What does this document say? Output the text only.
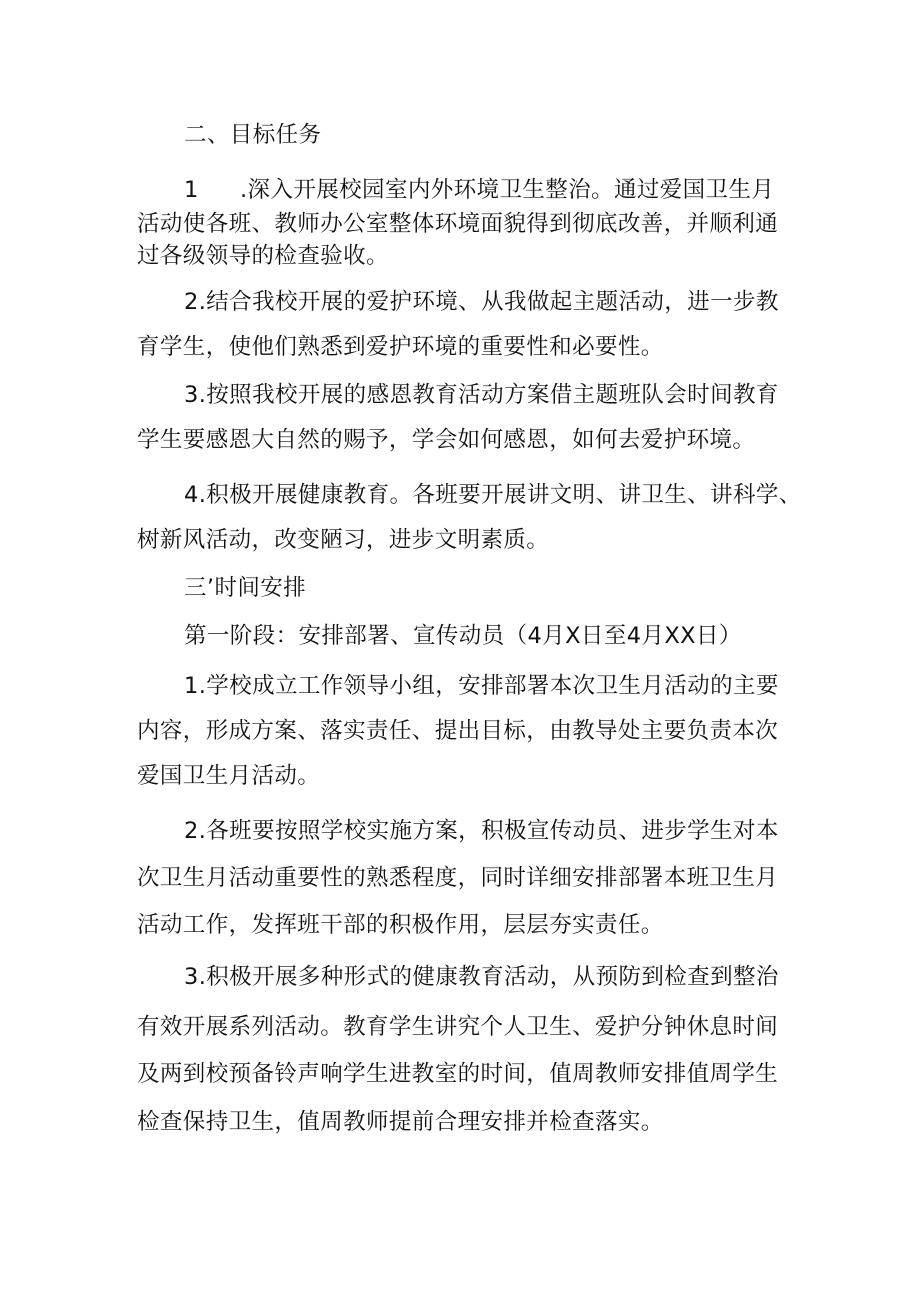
二、目标任务
1 .深入开展校园室内外环境卫生整治。通过爱国卫生月
活动使各班、教师办公室整体环境面貌得到彻底改善，并顺利通
过各级领导的检查验收。
2.结合我校开展的爱护环境、从我做起主题活动，进一步教
育学生，使他们熟悉到爱护环境的重要性和必要性。
3.按照我校开展的感恩教育活动方案借主题班队会时间教育
学生要感恩大自然的赐予，学会如何感恩，如何去爱护环境。
4.积极开展健康教育。各班要开展讲文明、讲卫生、讲科学、
树新风活动，改变陋习，进步文明素质。
三’时间安排
第一阶段：安排部署、宣传动员（4月X日至4月XX日）
1.学校成立工作领导小组，安排部署本次卫生月活动的主要
内容，形成方案、落实责任、提出目标，由教导处主要负责本次
爱国卫生月活动。
2.各班要按照学校实施方案，积极宣传动员、进步学生对本
次卫生月活动重要性的熟悉程度，同时详细安排部署本班卫生月
活动工作，发挥班干部的积极作用，层层夯实责任。
3.积极开展多种形式的健康教育活动，从预防到检查到整治
有效开展系列活动。教育学生讲究个人卫生、爱护分钟休息时间
及两到校预备铃声响学生进教室的时间，值周教师安排值周学生
检查保持卫生，值周教师提前合理安排并检查落实。
